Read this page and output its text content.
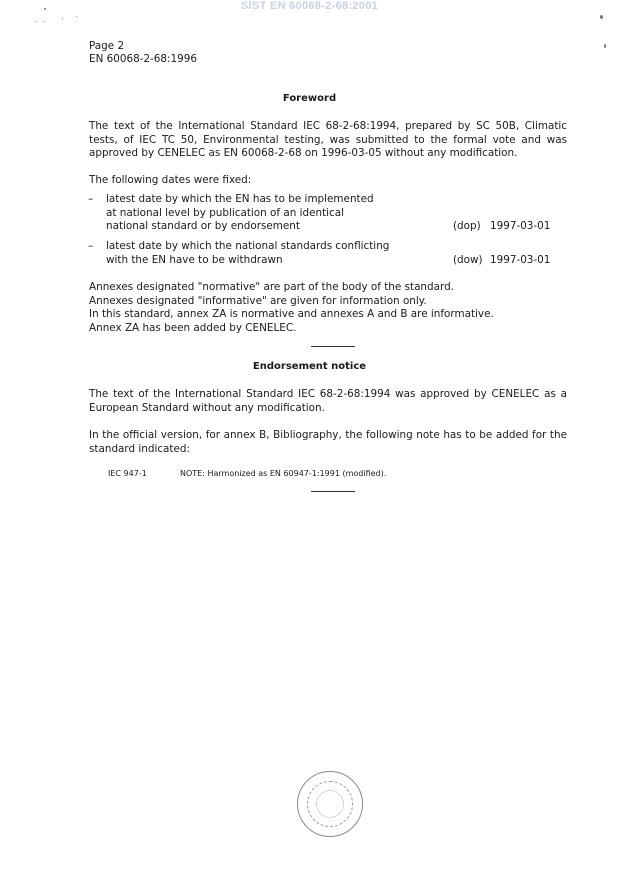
SIST EN 60068-2-68:2001
Page 2
EN 60068-2-68:1996
Foreword
The text of the International Standard IEC 68-2-68:1994, prepared by SC 50B, Climatic tests, of IEC TC 50, Environmental testing, was submitted to the formal vote and was approved by CENELEC as EN 60068-2-68 on 1996-03-05 without any modification.
The following dates were fixed:
–	latest date by which the EN has to be implemented
at national level by publication of an identical
national standard or by endorsement	(dop) 1997-03-01
–	latest date by which the national standards conflicting
with the EN have to be withdrawn	(dow) 1997-03-01
Annexes designated "normative" are part of the body of the standard.
Annexes designated "informative" are given for information only.
In this standard, annex ZA is normative and annexes A and B are informative.
Annex ZA has been added by CENELEC.
Endorsement notice
The text of the International Standard IEC 68-2-68:1994 was approved by CENELEC as a European Standard without any modification.
In the official version, for annex B, Bibliography, the following note has to be added for the standard indicated:
IEC 947-1	NOTE: Harmonized as EN 60947-1:1991 (modified).
